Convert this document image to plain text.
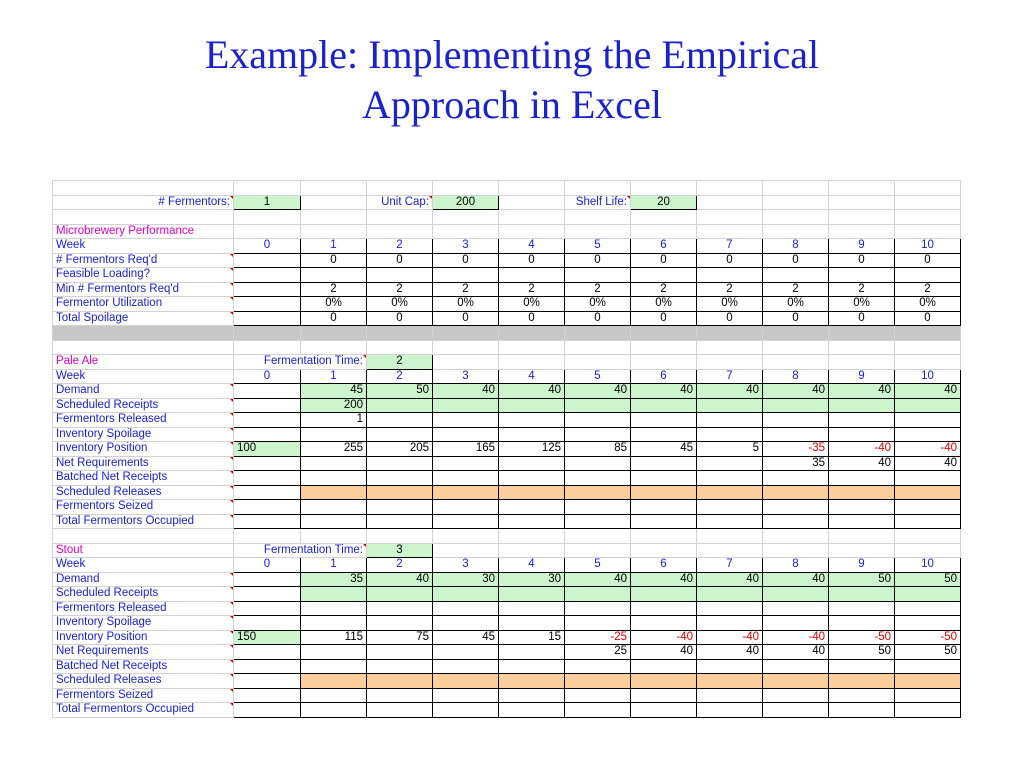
Example: Implementing the Empirical
Approach in Excel

# Fermentors:	1		Unit Cap:	200		Shelf Life:	20				

Microbrewery Performance											
Week	0	1	2	3	4	5	6	7	8	9	10
# Fermentors Req'd		0	0	0	0	0	0	0	0	0	0
Feasible Loading?											
Min # Fermentors Req'd		2	2	2	2	2	2	2	2	2	2
Fermentor Utilization		0%	0%	0%	0%	0%	0%	0%	0%	0%	0%
Total Spoilage		0	0	0	0	0	0	0	0	0	0

Pale Ale	Fermentation Time:		2								
Week	0	1	2	3	4	5	6	7	8	9	10
Demand		45	50	40	40	40	40	40	40	40	40
Scheduled Receipts		200									
Fermentors Released		1									
Inventory Spoilage											
Inventory Position	100	255	205	165	125	85	45	5	-35	-40	-40
Net Requirements									35	40	40
Batched Net Receipts											
Scheduled Releases											
Fermentors Seized											
Total Fermentors Occupied											

Stout	Fermentation Time:		3								
Week	0	1	2	3	4	5	6	7	8	9	10
Demand		35	40	30	30	40	40	40	40	50	50
Scheduled Receipts											
Fermentors Released											
Inventory Spoilage											
Inventory Position	150	115	75	45	15	-25	-40	-40	-40	-50	-50
Net Requirements						25	40	40	40	50	50
Batched Net Receipts											
Scheduled Releases											
Fermentors Seized											
Total Fermentors Occupied											
